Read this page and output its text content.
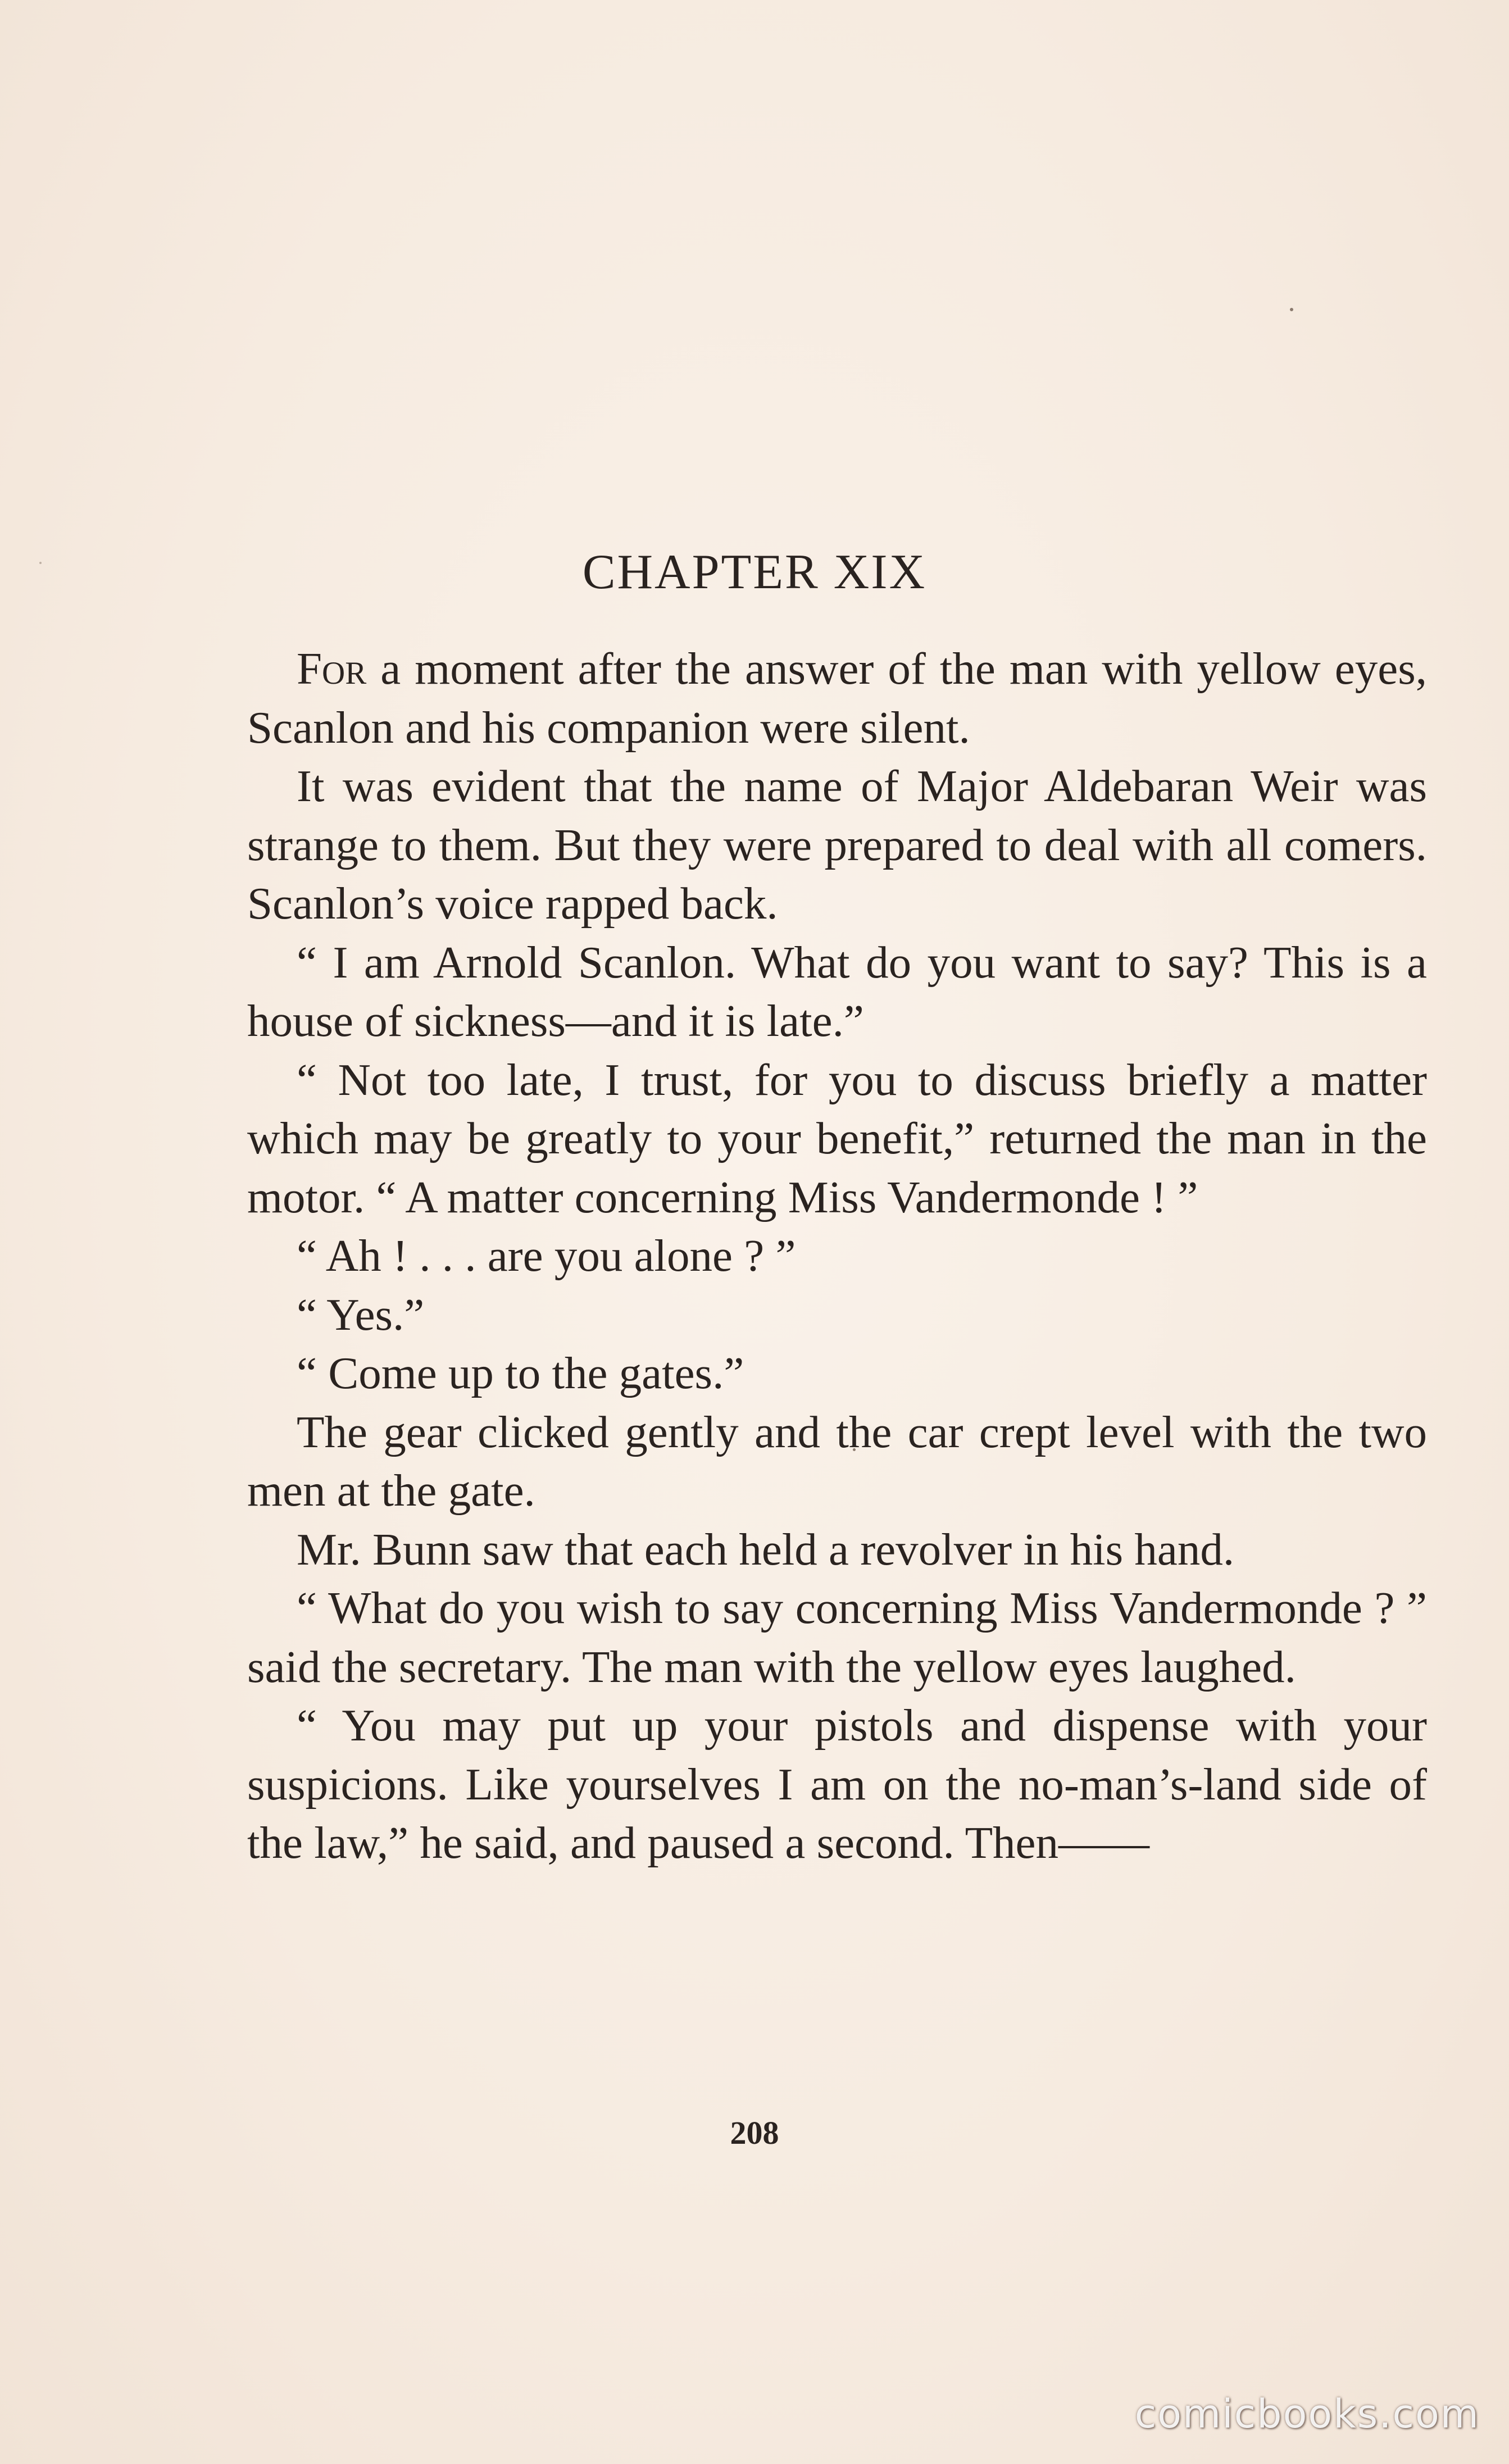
CHAPTER XIX

For a moment after the answer of the man with yellow eyes, Scanlon and his companion were silent.

It was evident that the name of Major Aldebaran Weir was strange to them. But they were prepared to deal with all comers. Scanlon’s voice rapped back.

“ I am Arnold Scanlon. What do you want to say? This is a house of sickness—and it is late.”

“ Not too late, I trust, for you to discuss briefly a matter which may be greatly to your benefit,” returned the man in the motor. “ A matter concerning Miss Vandermonde ! ”

“ Ah ! . . . are you alone ? ”

“ Yes.”

“ Come up to the gates.”

The gear clicked gently and the car crept level with the two men at the gate.

Mr. Bunn saw that each held a revolver in his hand.

“ What do you wish to say concerning Miss Vandermonde ? ” said the secretary. The man with the yellow eyes laughed.

“ You may put up your pistols and dispense with your suspicions. Like yourselves I am on the no-man’s-land side of the law,” he said, and paused a second. Then——

208
comicbooks.com
